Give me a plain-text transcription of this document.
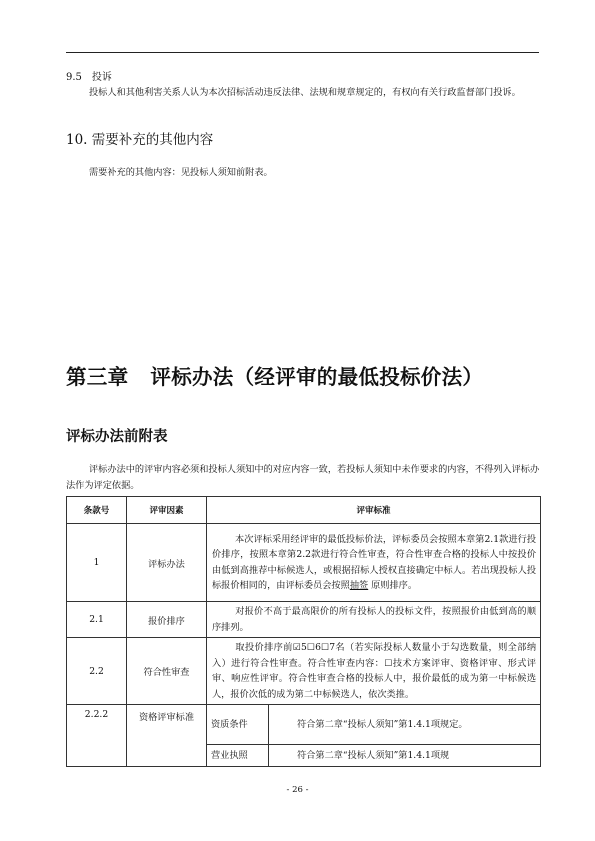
9.5　投诉
投标人和其他利害关系人认为本次招标活动违反法律、法规和规章规定的，有权向有关行政监督部门投诉。
10. 需要补充的其他内容
需要补充的其他内容：见投标人须知前附表。
第三章 评标办法（经评审的最低投标价法）
评标办法前附表
评标办法中的评审内容必须和投标人须知中的对应内容一致，若投标人须知中未作要求的内容，不得列入评标办法作为评定依据。
条款号	评审因素	评审标准	
1	评标办法	本次评标采用经评审的最低投标价法，评标委员会按照本章第2.1款进行投价排序，按照本章第2.2款进行符合性审查，符合性审查合格的投标人中按投价由低到高推荐中标候选人，或根据招标人授权直接确定中标人。若出现投标人投标报价相同的，由评标委员会按照抽签 原则排序。	
2.1	报价排序	对报价不高于最高限价的所有投标人的投标文件，按照报价由低到高的顺序排列。	
2.2	符合性审查	取投价排序前☑5☐6☐7名（若实际投标人数量小于勾选数量，则全部纳入）进行符合性审查。符合性审查内容：☐技术方案评审、资格评审、形式评审、响应性评审。符合性审查合格的投标人中，报价最低的成为第一中标候选人，报价次低的成为第二中标候选人，依次类推。	
2.2.2	资格评审标准	资质条件	符合第二章“投标人须知”第1.4.1项规定。
		营业执照	符合第二章“投标人须知”第1.4.1项规
- 26 -
